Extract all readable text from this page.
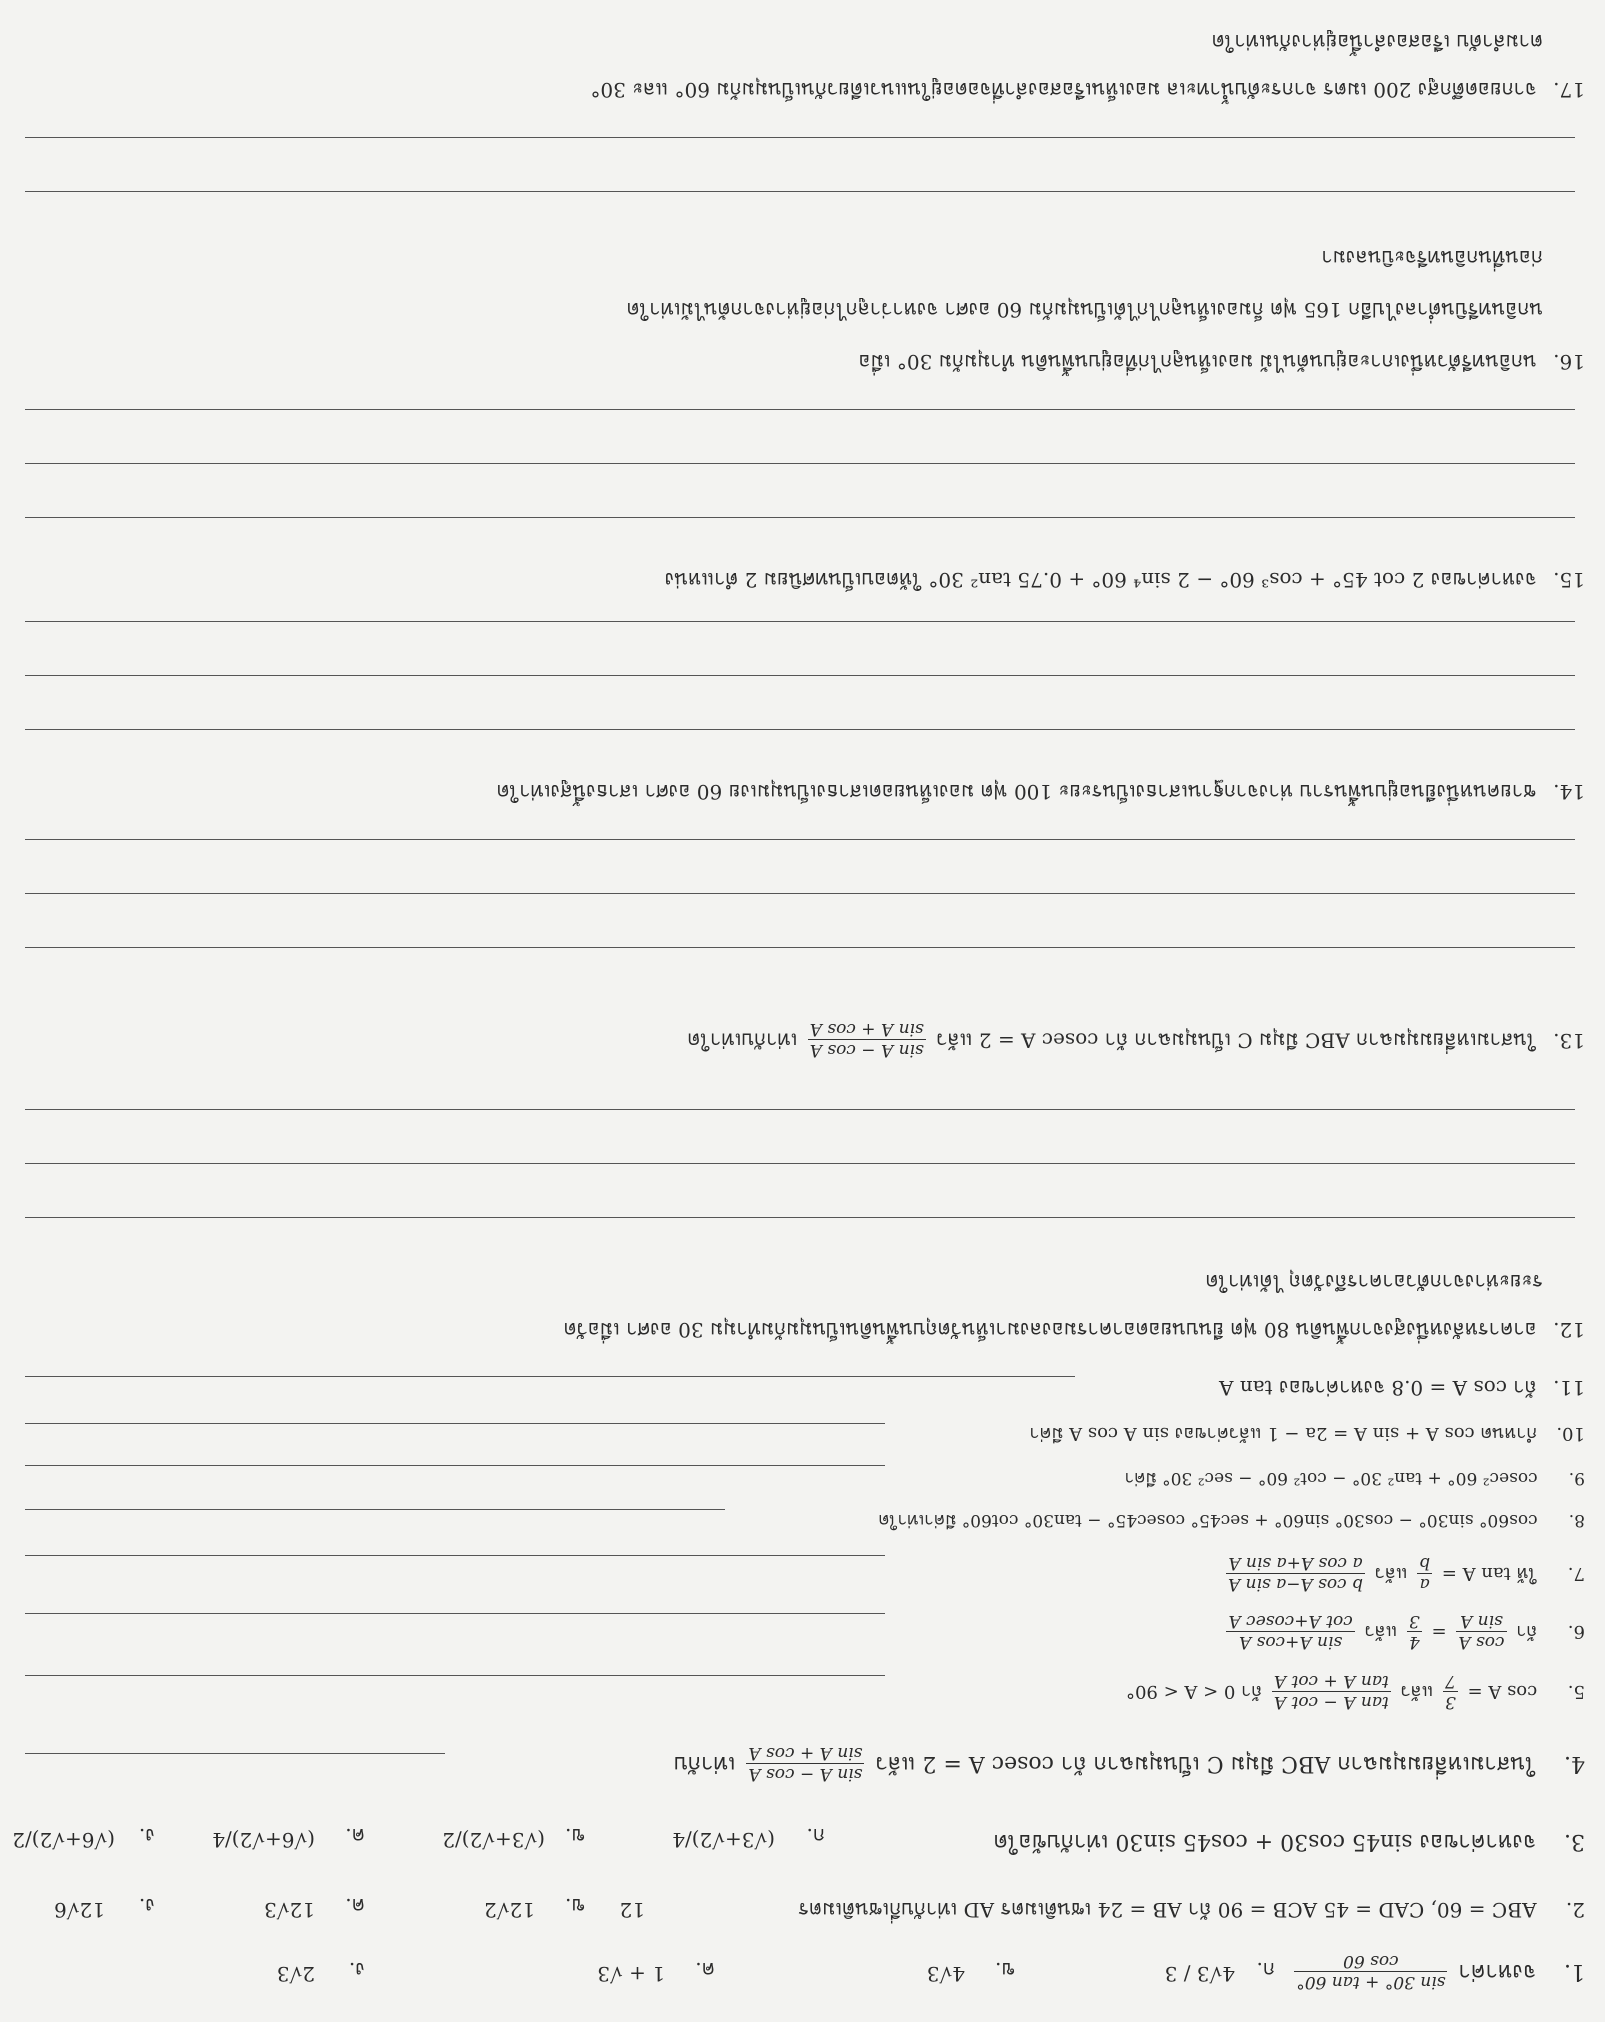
1. จงหาค่า
sin 30° + tan 60°
cos 60
ก.
4√3 / 3
ข.
4√3
ค.
1 + √3
ง.
2√3
2. ABC = 60, CAD = 45 ACB = 90 ถ้า AB = 24 เซนติเมตร AD เท่ากับกี่เซนติเมตร
12
ข.
12√2
ค.
12√3
ง.
12√6
3. จงหาค่าของ sin45 cos30 + cos45 sin30 เท่ากับข้อใด
ก.
(√3+√2)/4
ข.
(√3+√2)/2
ค.
(√6+√2)/4
ง.
(√6+√2)/2
4. ในสามเหลี่ยมมุมฉาก ABC มีมุม C เป็นมุมฉาก ถ้า cosec A = 2 แล้ว
sin A − cos A
sin A + cos A
เท่ากับ
5. cos A =
3
7
แล้ว
tan A − cot A
tan A + cot A
ถ้า 0 < A < 90°
6. ถ้า
cos A
sin A
=
4
3
แล้ว
sin A+cos A
cot A+cosec A
7. ให้ tan A =
a
b
แล้ว
b cos A−a sin A
a cos A+a sin A
8. cos60° sin30° − cos30° sin60° + sec45° cosec45° − tan30° cot60° มีค่าเท่าใด
9. cosec² 60° + tan² 30° − cot² 60° − sec² 30° มีค่า
10. กำหนด cos A + sin A = 2a − 1 แล้วค่าของ sin A cos A มีค่า
11. ถ้า cos A = 0.8 จงหาค่าของ tan A
12. อาคารหลังหนึ่งสูงจากพื้นดิน 80 ฟุต ยืนบนยอดอาคารมองลงมาเห็นวัตถุบนพื้นดินเป็นมุมก้มทำมุม 30 องศา เมื่อวัด
ระยะห่างจากตัวอาคารถึงวัตถุ ได้เท่าใด
13. ในสามเหลี่ยมมุมฉาก ABC มีมุม C เป็นมุมฉาก ถ้า cosec A = 2 แล้ว
sin A − cos A
sin A + cos A
เท่ากับเท่าใด
14. ชายคนหนึ่งยืนอยู่บนพื้นราบ ห่างจากฐานเสาธงเป็นระยะ 100 ฟุต มองเห็นยอดเสาธงเป็นมุมเงย 60 องศา เสาธงนี้สูงเท่าใด
15. จงหาค่าของ 2 cot 45° + cos³ 60° − 2 sin⁴ 60° + 0.75 tan² 30° ให้ตอบเป็นทศนิยม 2 ตำแหน่ง
16. นกอินทรีตัวหนึ่งเกาะอยู่บนต้นไม้ มองเห็นลูกไก่ที่อยู่บนพื้นดิน ทำมุมก้ม 30° เมื่อ
นกอินทรีบินต่ำลงไปอีก 165 ฟุต ก็มองเห็นลูกไก่ได้เป็นมุมก้ม 60 องศา จงหาว่าลูกไก่อยู่ห่างจากต้นไม้เท่าใด
ก่อนที่นกอินทรีจะบินลงมา
17. จากยอดตึกสูง 200 เมตร จากระดับน้ำทะเล มองเห็นเรือสองลำที่จอดอยู่ในแนวเดียวกันเป็นมุมก้ม 60° และ 30°
ตามลำดับ เรือสองลำนี้อยู่ห่างกันเท่าใด
